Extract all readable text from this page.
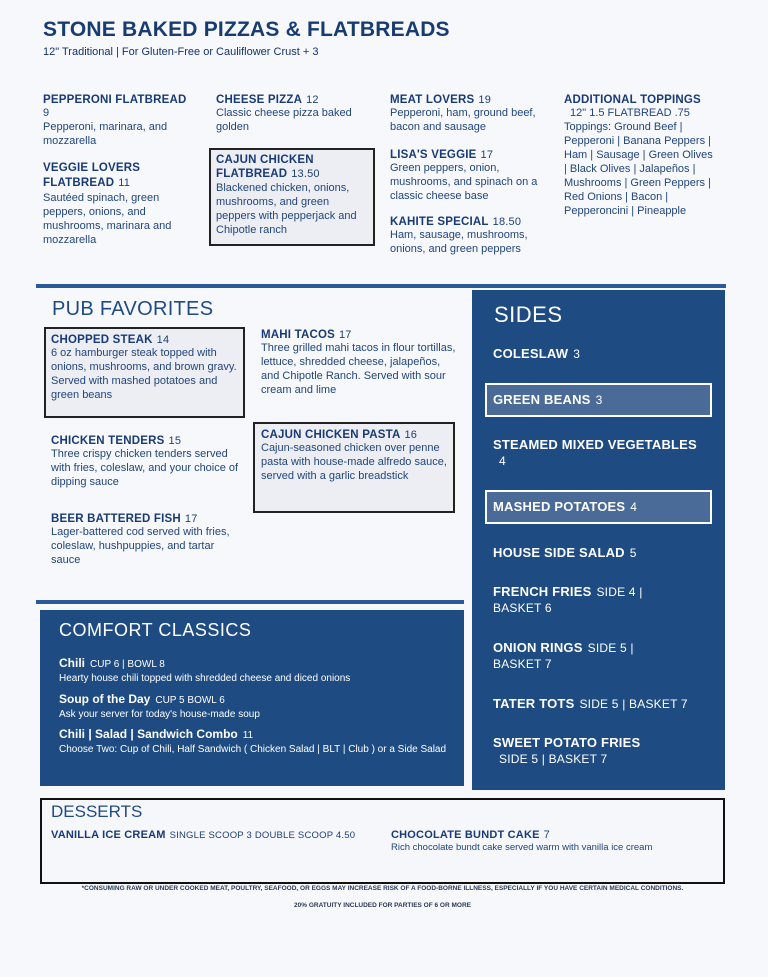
STONE BAKED PIZZAS & FLATBREADS
12" Traditional | For Gluten-Free or Cauliflower Crust + 3
PEPPERONI FLATBREAD
9
Pepperoni, marinara, and mozzarella
VEGGIE LOVERS FLATBREAD 11
Sautéed spinach, green peppers, onions, and mushrooms, marinara and mozzarella
CHEESE PIZZA 12
Classic cheese pizza baked golden
CAJUN CHICKEN FLATBREAD 13.50
Blackened chicken, onions, mushrooms, and green peppers with pepperjack and Chipotle ranch
MEAT LOVERS 19
Pepperoni, ham, ground beef, bacon and sausage
LISA'S VEGGIE 17
Green peppers, onion, mushrooms, and spinach on a classic cheese base
KAHITE SPECIAL 18.50
Ham, sausage, mushrooms, onions, and green peppers
ADDITIONAL TOPPINGS
12" 1.5 FLATBREAD .75
Toppings: Ground Beef | Pepperoni | Banana Peppers | Ham | Sausage | Green Olives | Black Olives | Jalapeños | Mushrooms | Green Peppers | Red Onions | Bacon | Pepperoncini | Pineapple
PUB FAVORITES
CHOPPED STEAK 14
6 oz hamburger steak topped with onions, mushrooms, and brown gravy. Served with mashed potatoes and green beans
CHICKEN TENDERS 15
Three crispy chicken tenders served with fries, coleslaw, and your choice of dipping sauce
BEER BATTERED FISH 17
Lager-battered cod served with fries, coleslaw, hushpuppies, and tartar sauce
MAHI TACOS 17
Three grilled mahi tacos in flour tortillas, lettuce, shredded cheese, jalapeños, and Chipotle Ranch. Served with sour cream and lime
CAJUN CHICKEN PASTA 16
Cajun-seasoned chicken over penne pasta with house-made alfredo sauce, served with a garlic breadstick
SIDES
COLESLAW 3
GREEN BEANS 3
STEAMED MIXED VEGETABLES
4
MASHED POTATOES 4
HOUSE SIDE SALAD 5
FRENCH FRIES SIDE 4 |
BASKET 6
ONION RINGS SIDE 5 |
BASKET 7
TATER TOTS SIDE 5 | BASKET 7
SWEET POTATO FRIES
SIDE 5 | BASKET 7
COMFORT CLASSICS
Chili CUP 6 | BOWL 8
Hearty house chili topped with shredded cheese and diced onions
Soup of the Day CUP 5 BOWL 6
Ask your server for today's house-made soup
Chili | Salad | Sandwich Combo 11
Choose Two: Cup of Chili, Half Sandwich ( Chicken Salad | BLT | Club ) or a Side Salad
DESSERTS
VANILLA ICE CREAM SINGLE SCOOP 3 DOUBLE SCOOP 4.50	CHOCOLATE BUNDT CAKE 7
Rich chocolate bundt cake served warm with vanilla ice cream
*CONSUMING RAW OR UNDER COOKED MEAT, POULTRY, SEAFOOD, OR EGGS MAY INCREASE RISK OF A FOOD-BORNE ILLNESS, ESPECIALLY IF YOU HAVE CERTAIN MEDICAL CONDITIONS.
20% GRATUITY INCLUDED FOR PARTIES OF 6 OR MORE
